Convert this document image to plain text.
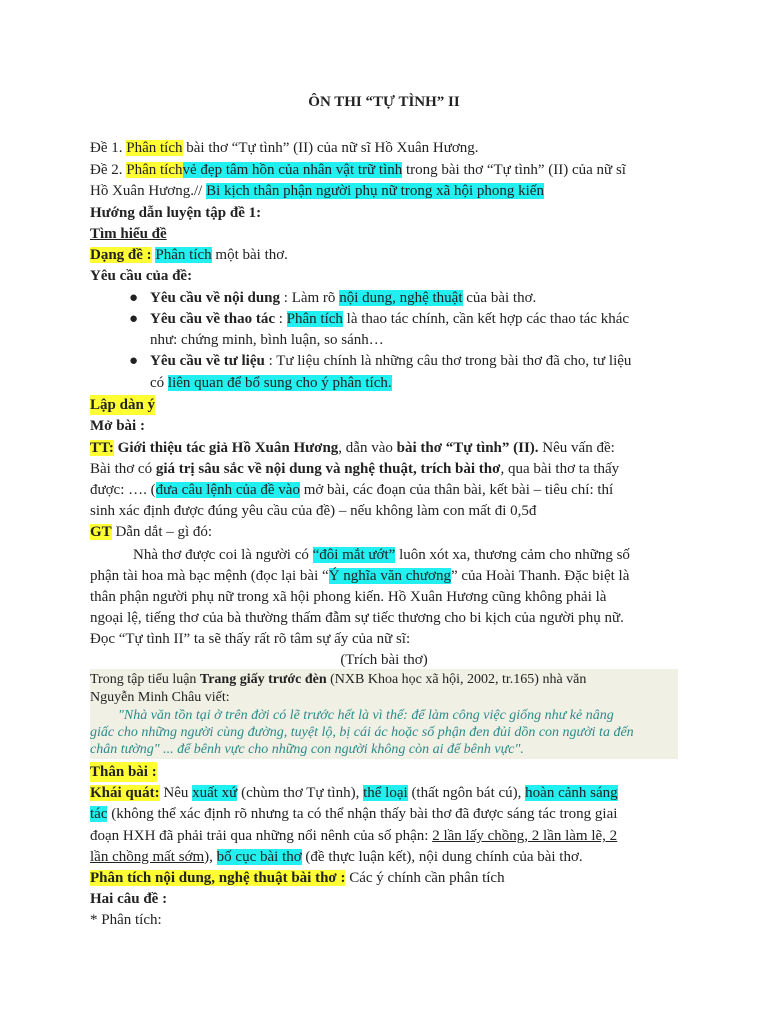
ÔN THI “TỰ TÌNH” II
Đề 1. Phân tích bài thơ “Tự tình” (II) của nữ sĩ Hồ Xuân Hương.
Đề 2. Phân tíchvẻ đẹp tâm hồn của nhân vật trữ tình trong bài thơ “Tự tình” (II) của nữ sĩ
Hồ Xuân Hương.// Bi kịch thân phận người phụ nữ trong xã hội phong kiến
Hướng dẫn luyện tập đề 1:
Tìm hiểu đề
Dạng đề : Phân tích một bài thơ.
Yêu cầu của đề:
● Yêu cầu về nội dung : Làm rõ nội dung, nghệ thuật của bài thơ.
● Yêu cầu về thao tác : Phân tích là thao tác chính, cần kết hợp các thao tác khác
như: chứng minh, bình luận, so sánh…
● Yêu cầu về tư liệu : Tư liệu chính là những câu thơ trong bài thơ đã cho, tư liệu
có liên quan để bổ sung cho ý phân tích.
Lập dàn ý
Mở bài :
TT: Giới thiệu tác giả Hồ Xuân Hương, dẫn vào bài thơ “Tự tình” (II). Nêu vấn đề:
Bài thơ có giá trị sâu sắc về nội dung và nghệ thuật, trích bài thơ, qua bài thơ ta thấy
được: …. (đưa câu lệnh của đề vào mở bài, các đoạn của thân bài, kết bài – tiêu chí: thí
sinh xác định được đúng yêu cầu của đề) – nếu không làm con mất đi 0,5đ
GT Dẫn dắt – gì đó:
Nhà thơ được coi là người có “đôi mắt ướt” luôn xót xa, thương cảm cho những số
phận tài hoa mà bạc mệnh (đọc lại bài “Ý nghĩa văn chương” của Hoài Thanh. Đặc biệt là
thân phận người phụ nữ trong xã hội phong kiến. Hồ Xuân Hương cũng không phải là
ngoại lệ, tiếng thơ của bà thường thấm đẫm sự tiếc thương cho bi kịch của người phụ nữ.
Đọc “Tự tình II” ta sẽ thấy rất rõ tâm sự ấy của nữ sĩ:
(Trích bài thơ)
Trong tập tiểu luận Trang giấy trước đèn (NXB Khoa học xã hội, 2002, tr.165) nhà văn
Nguyễn Minh Châu viết:
"Nhà văn tồn tại ở trên đời có lẽ trước hết là vì thế: để làm công việc giống như kẻ nâng
giấc cho những người cùng đường, tuyệt lộ, bị cái ác hoặc số phận đen đủi dồn con người ta đến
chân tường" ... để bênh vực cho những con người không còn ai để bênh vực".
Thân bài :
Khái quát: Nêu xuất xứ (chùm thơ Tự tình), thể loại (thất ngôn bát cú), hoàn cảnh sáng
tác (không thể xác định rõ nhưng ta có thể nhận thấy bài thơ đã được sáng tác trong giai
đoạn HXH đã phải trải qua những nổi nênh của số phận: 2 lần lấy chồng, 2 lần làm lẽ, 2
lần chồng mất sớm), bố cục bài thơ (đề thực luận kết), nội dung chính của bài thơ.
Phân tích nội dung, nghệ thuật bài thơ : Các ý chính cần phân tích
Hai câu đề :
* Phân tích:
